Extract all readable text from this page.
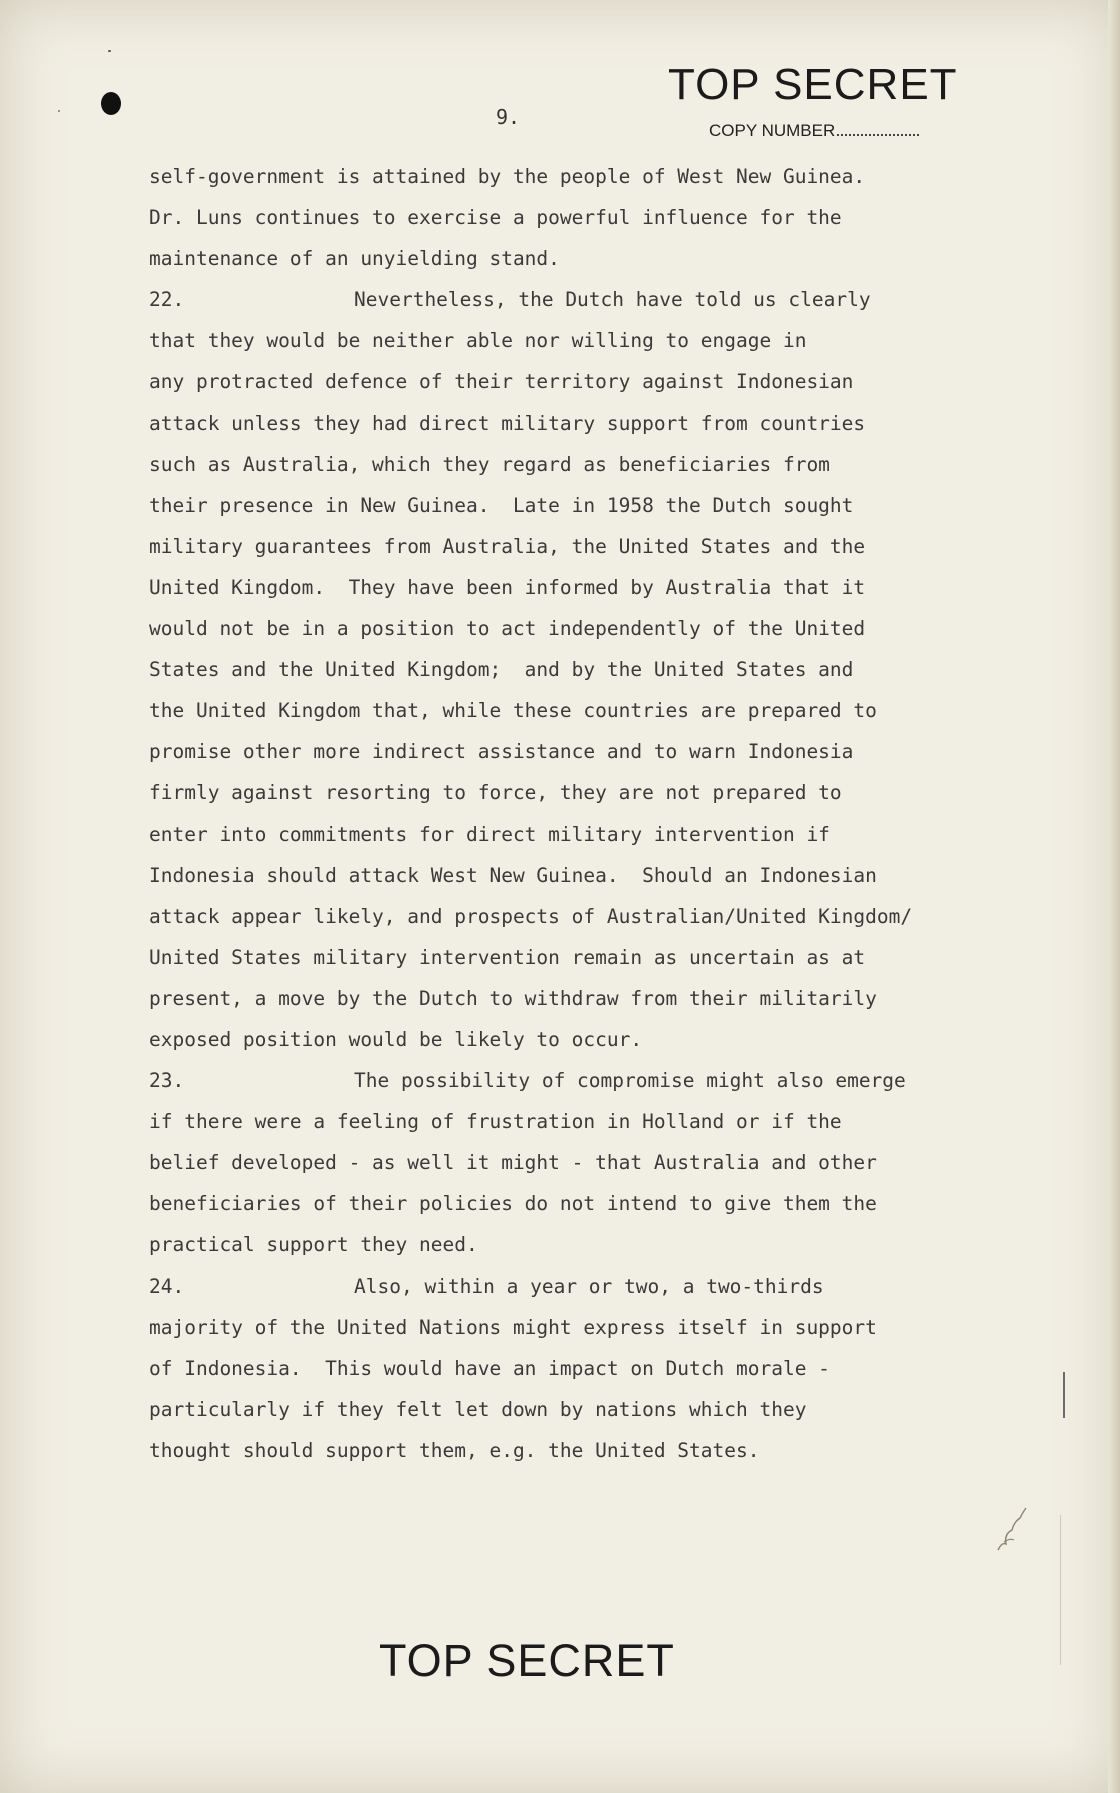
TOP SECRET
COPY NUMBER
9.
self-government is attained by the people of West New Guinea.
Dr. Luns continues to exercise a powerful influence for the
maintenance of an unyielding stand.
22.	Nevertheless, the Dutch have told us clearly
that they would be neither able nor willing to engage in
any protracted defence of their territory against Indonesian
attack unless they had direct military support from countries
such as Australia, which they regard as beneficiaries from
their presence in New Guinea.  Late in 1958 the Dutch sought
military guarantees from Australia, the United States and the
United Kingdom.  They have been informed by Australia that it
would not be in a position to act independently of the United
States and the United Kingdom;  and by the United States and
the United Kingdom that, while these countries are prepared to
promise other more indirect assistance and to warn Indonesia
firmly against resorting to force, they are not prepared to
enter into commitments for direct military intervention if
Indonesia should attack West New Guinea.  Should an Indonesian
attack appear likely, and prospects of Australian/United Kingdom/
United States military intervention remain as uncertain as at
present, a move by the Dutch to withdraw from their militarily
exposed position would be likely to occur.
23.	The possibility of compromise might also emerge
if there were a feeling of frustration in Holland or if the
belief developed - as well it might - that Australia and other
beneficiaries of their policies do not intend to give them the
practical support they need.
24.	Also, within a year or two, a two-thirds
majority of the United Nations might express itself in support
of Indonesia.  This would have an impact on Dutch morale -
particularly if they felt let down by nations which they
thought should support them, e.g. the United States.
TOP SECRET
